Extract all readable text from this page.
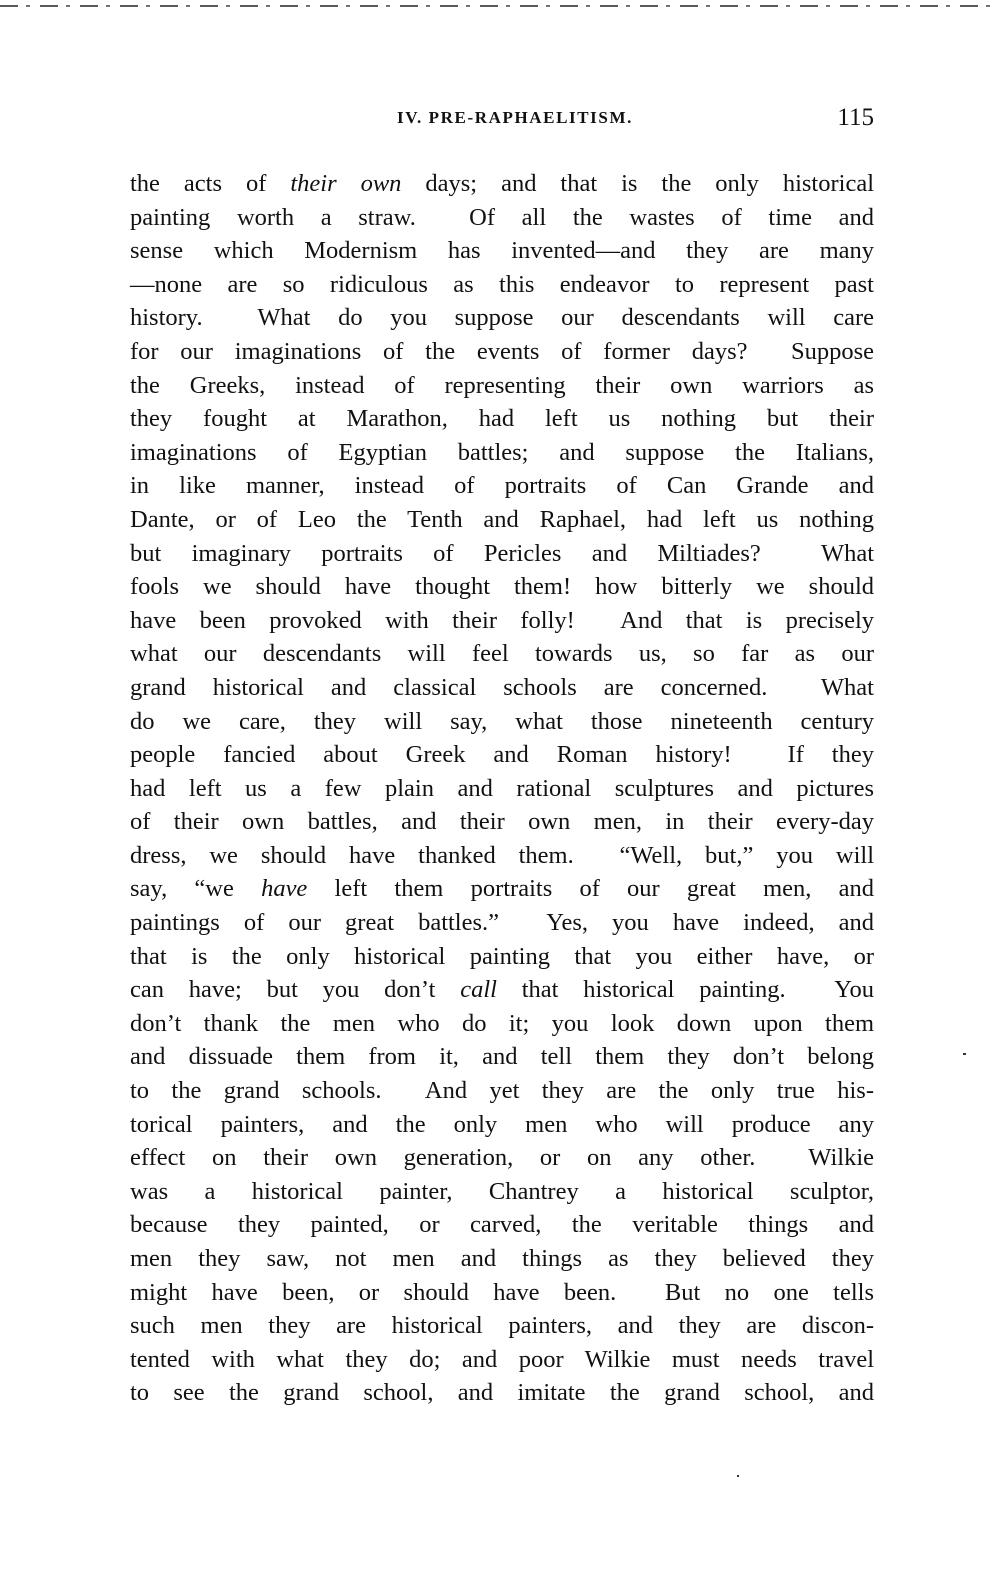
IV. PRE-RAPHAELITISM.	115
the acts of their own days; and that is the only historical
painting worth a straw.  Of all the wastes of time and
sense which Modernism has invented—and they are many
—none are so ridiculous as this endeavor to represent past
history.  What do you suppose our descendants will care
for our imaginations of the events of former days?  Suppose
the Greeks, instead of representing their own warriors as
they fought at Marathon, had left us nothing but their
imaginations of Egyptian battles; and suppose the Italians,
in like manner, instead of portraits of Can Grande and
Dante, or of Leo the Tenth and Raphael, had left us nothing
but imaginary portraits of Pericles and Miltiades?  What
fools we should have thought them! how bitterly we should
have been provoked with their folly!  And that is precisely
what our descendants will feel towards us, so far as our
grand historical and classical schools are concerned.  What
do we care, they will say, what those nineteenth century
people fancied about Greek and Roman history!  If they
had left us a few plain and rational sculptures and pictures
of their own battles, and their own men, in their every-day
dress, we should have thanked them.  “Well, but,” you will
say, “we have left them portraits of our great men, and
paintings of our great battles.”  Yes, you have indeed, and
that is the only historical painting that you either have, or
can have; but you don’t call that historical painting.  You
don’t thank the men who do it; you look down upon them
and dissuade them from it, and tell them they don’t belong
to the grand schools.  And yet they are the only true his-
torical painters, and the only men who will produce any
effect on their own generation, or on any other.  Wilkie
was a historical painter, Chantrey a historical sculptor,
because they painted, or carved, the veritable things and
men they saw, not men and things as they believed they
might have been, or should have been.  But no one tells
such men they are historical painters, and they are discon-
tented with what they do; and poor Wilkie must needs travel
to see the grand school, and imitate the grand school, and
